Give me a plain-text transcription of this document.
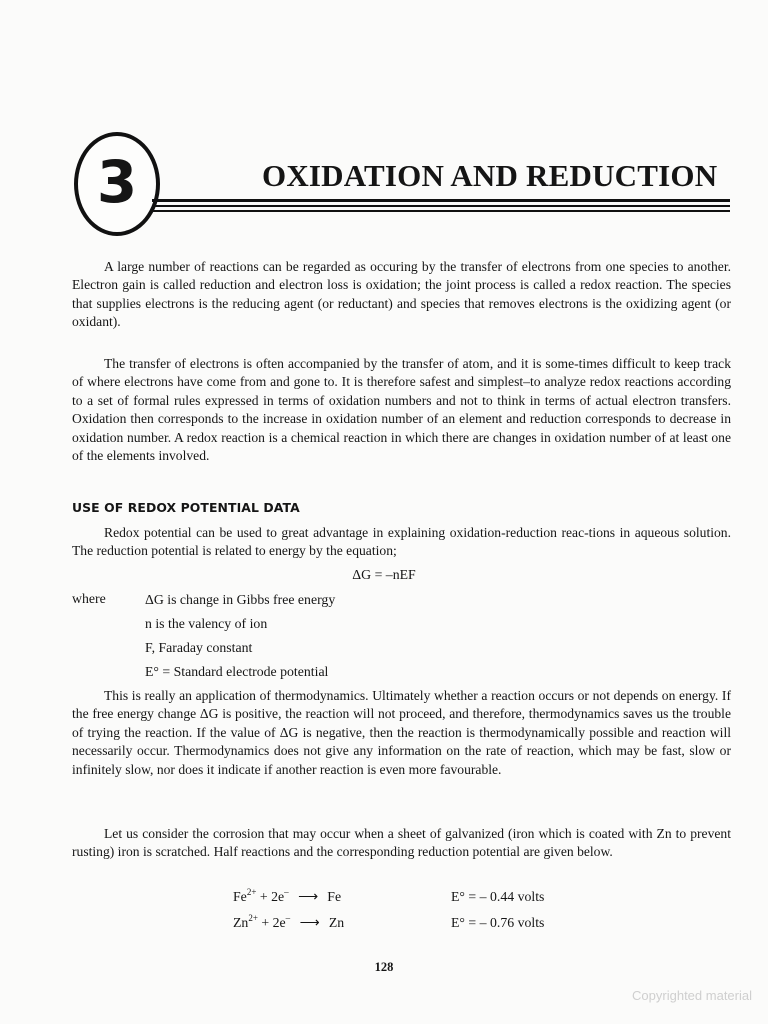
3	OXIDATION AND REDUCTION

A large number of reactions can be regarded as occuring by the transfer of electrons from one species to another. Electron gain is called reduction and electron loss is oxidation; the joint process is called a redox reaction. The species that supplies electrons is the reducing agent (or reductant) and species that removes electrons is the oxidizing agent (or oxidant).

The transfer of electrons is often accompanied by the transfer of atom, and it is some-times difficult to keep track of where electrons have come from and gone to. It is therefore safest and simplest–to analyze redox reactions according to a set of formal rules expressed in terms of oxidation numbers and not to think in terms of actual electron transfers. Oxidation then corresponds to the increase in oxidation number of an element and reduction corresponds to decrease in oxidation number. A redox reaction is a chemical reaction in which there are changes in oxidation number of at least one of the elements involved.

USE OF REDOX POTENTIAL DATA

Redox potential can be used to great advantage in explaining oxidation-reduction reac-tions in aqueous solution. The reduction potential is related to energy by the equation;

ΔG = –nEF
where	ΔG is change in Gibbs free energy
n is the valency of ion
F, Faraday constant
E° = Standard electrode potential

This is really an application of thermodynamics. Ultimately whether a reaction occurs or not depends on energy. If the free energy change ΔG is positive, the reaction will not proceed, and therefore, thermodynamics saves us the trouble of trying the reaction. If the value of ΔG is negative, then the reaction is thermodynamically possible and reaction will necessarily occur. Thermodynamics does not give any information on the rate of reaction, which may be fast, slow or infinitely slow, nor does it indicate if another reaction is even more favourable.

Let us consider the corrosion that may occur when a sheet of galvanized (iron which is coated with Zn to prevent rusting) iron is scratched. Half reactions and the corresponding reduction potential are given below.

$Fe^{2+} + 2e^-$ ⟶ Fe	E° = – 0.44 volts
$Zn^{2+} + 2e^-$ ⟶ Zn	E° = – 0.76 volts
128
Copyrighted material
